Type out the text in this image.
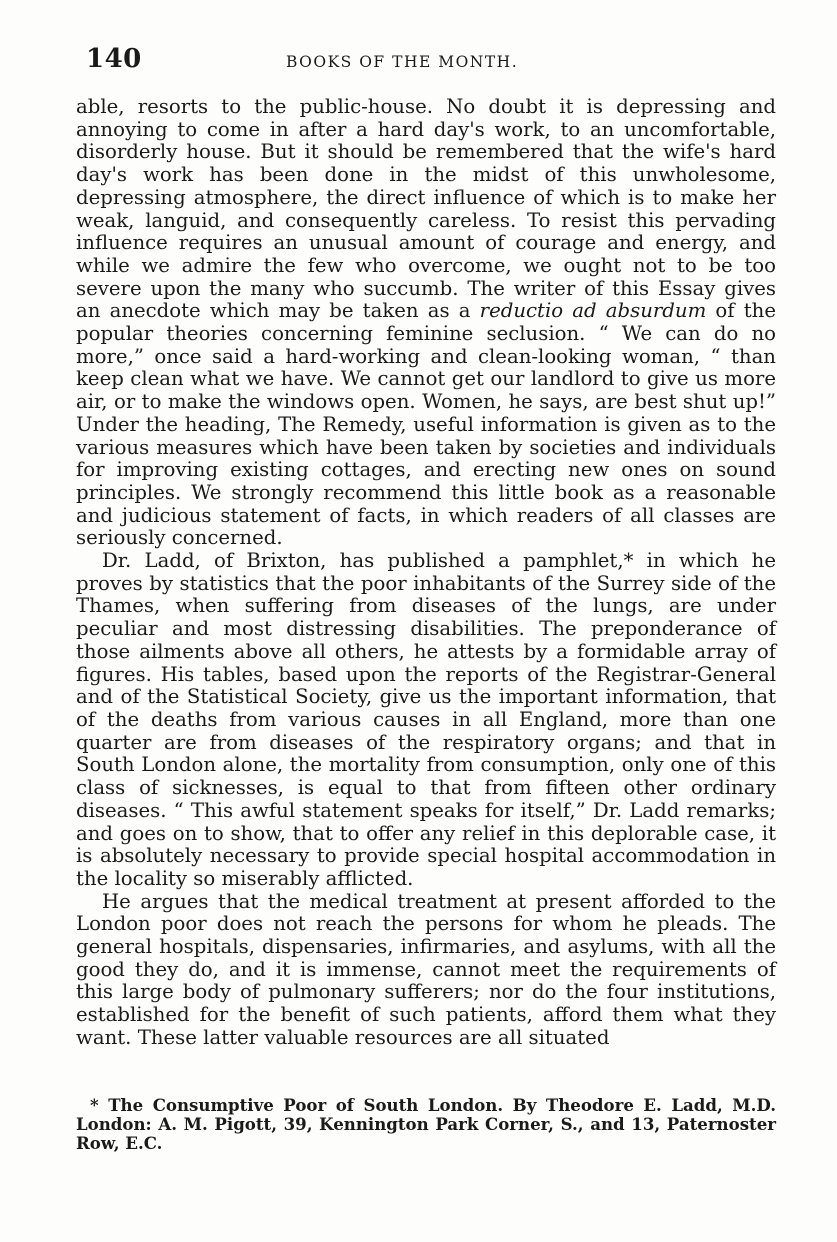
140	BOOKS OF THE MONTH.

able, resorts to the public-house. No doubt it is depressing and annoying to come in after a hard day's work, to an uncomfortable, disorderly house. But it should be remembered that the wife's hard day's work has been done in the midst of this unwholesome, depressing atmosphere, the direct influence of which is to make her weak, languid, and consequently careless. To resist this pervading influence requires an unusual amount of courage and energy, and while we admire the few who overcome, we ought not to be too severe upon the many who succumb. The writer of this Essay gives an anecdote which may be taken as a reductio ad absurdum of the popular theories concerning feminine seclusion. “ We can do no more,” once said a hard-working and clean-looking woman, “ than keep clean what we have. We cannot get our landlord to give us more air, or to make the windows open. Women, he says, are best shut up!” Under the heading, The Remedy, useful information is given as to the various measures which have been taken by societies and individuals for improving existing cottages, and erecting new ones on sound principles. We strongly recommend this little book as a reasonable and judicious statement of facts, in which readers of all classes are seriously concerned.

Dr. Ladd, of Brixton, has published a pamphlet,* in which he proves by statistics that the poor inhabitants of the Surrey side of the Thames, when suffering from diseases of the lungs, are under peculiar and most distressing disabilities. The preponderance of those ailments above all others, he attests by a formidable array of figures. His tables, based upon the reports of the Registrar-General and of the Statistical Society, give us the important information, that of the deaths from various causes in all England, more than one quarter are from diseases of the respiratory organs; and that in South London alone, the mortality from consumption, only one of this class of sicknesses, is equal to that from fifteen other ordinary diseases. “ This awful statement speaks for itself,” Dr. Ladd remarks; and goes on to show, that to offer any relief in this deplorable case, it is absolutely necessary to provide special hospital accommodation in the locality so miserably afflicted.

He argues that the medical treatment at present afforded to the London poor does not reach the persons for whom he pleads. The general hospitals, dispensaries, infirmaries, and asylums, with all the good they do, and it is immense, cannot meet the requirements of this large body of pulmonary sufferers; nor do the four institutions, established for the benefit of such patients, afford them what they want. These latter valuable resources are all situated

* The Consumptive Poor of South London. By Theodore E. Ladd, M.D. London: A. M. Pigott, 39, Kennington Park Corner, S., and 13, Paternoster Row, E.C.
